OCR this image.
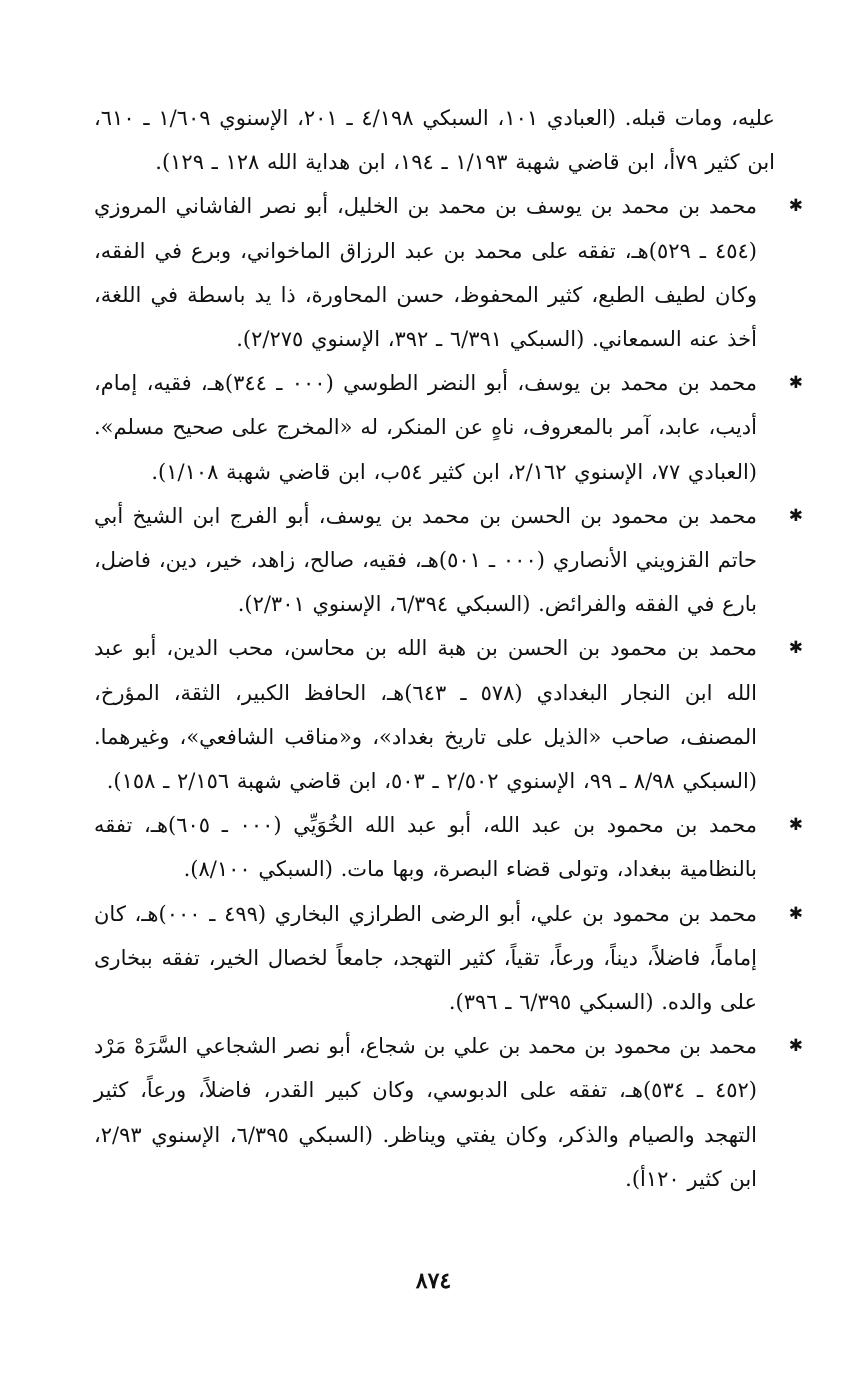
عليه، ومات قبله. (العبادي ١٠١، السبكي ٤/١٩٨ ـ ٢٠١، الإسنوي ١/٦٠٩ ـ ٦١٠، ابن كثير ٧٩أ، ابن قاضي شهبة ١/١٩٣ ـ ١٩٤، ابن هداية الله ١٢٨ ـ ١٢٩).

✱ محمد بن محمد بن يوسف بن محمد بن الخليل، أبو نصر الفاشاني المروزي (٤٥٤ ـ ٥٢٩)هـ، تفقه على محمد بن عبد الرزاق الماخواني، وبرع في الفقه، وكان لطيف الطبع، كثير المحفوظ، حسن المحاورة، ذا يد باسطة في اللغة، أخذ عنه السمعاني. (السبكي ٦/٣٩١ ـ ٣٩٢، الإسنوي ٢/٢٧٥).

✱ محمد بن محمد بن يوسف، أبو النضر الطوسي (٠٠٠ ـ ٣٤٤)هـ، فقيه، إمام، أديب، عابد، آمر بالمعروف، ناهٍ عن المنكر، له «المخرج على صحيح مسلم». (العبادي ٧٧، الإسنوي ٢/١٦٢، ابن كثير ٥٤ب، ابن قاضي شهبة ١/١٠٨).

✱ محمد بن محمود بن الحسن بن محمد بن يوسف، أبو الفرج ابن الشيخ أبي حاتم القزويني الأنصاري (٠٠٠ ـ ٥٠١)هـ، فقيه، صالح، زاهد، خير، دين، فاضل، بارع في الفقه والفرائض. (السبكي ٦/٣٩٤، الإسنوي ٢/٣٠١).

✱ محمد بن محمود بن الحسن بن هبة الله بن محاسن، محب الدين، أبو عبد الله ابن النجار البغدادي (٥٧٨ ـ ٦٤٣)هـ، الحافظ الكبير، الثقة، المؤرخ، المصنف، صاحب «الذيل على تاريخ بغداد»، و«مناقب الشافعي»، وغيرهما. (السبكي ٨/٩٨ ـ ٩٩، الإسنوي ٢/٥٠٢ ـ ٥٠٣، ابن قاضي شهبة ٢/١٥٦ ـ ١٥٨).

✱ محمد بن محمود بن عبد الله، أبو عبد الله الخُوَيِّي (٠٠٠ ـ ٦٠٥)هـ، تفقه بالنظامية ببغداد، وتولى قضاء البصرة، وبها مات. (السبكي ٨/١٠٠).

✱ محمد بن محمود بن علي، أبو الرضى الطرازي البخاري (٤٩٩ ـ ٠٠٠)هـ، كان إماماً، فاضلاً، ديناً، ورعاً، تقياً، كثير التهجد، جامعاً لخصال الخير، تفقه ببخارى على والده. (السبكي ٦/٣٩٥ ـ ٣٩٦).

✱ محمد بن محمود بن محمد بن علي بن شجاع، أبو نصر الشجاعي السَّرَهْ مَرْد (٤٥٢ ـ ٥٣٤)هـ، تفقه على الدبوسي، وكان كبير القدر، فاضلاً، ورعاً، كثير التهجد والصيام والذكر، وكان يفتي ويناظر. (السبكي ٦/٣٩٥، الإسنوي ٢/٩٣، ابن كثير ١٢٠أ).

٨٧٤
